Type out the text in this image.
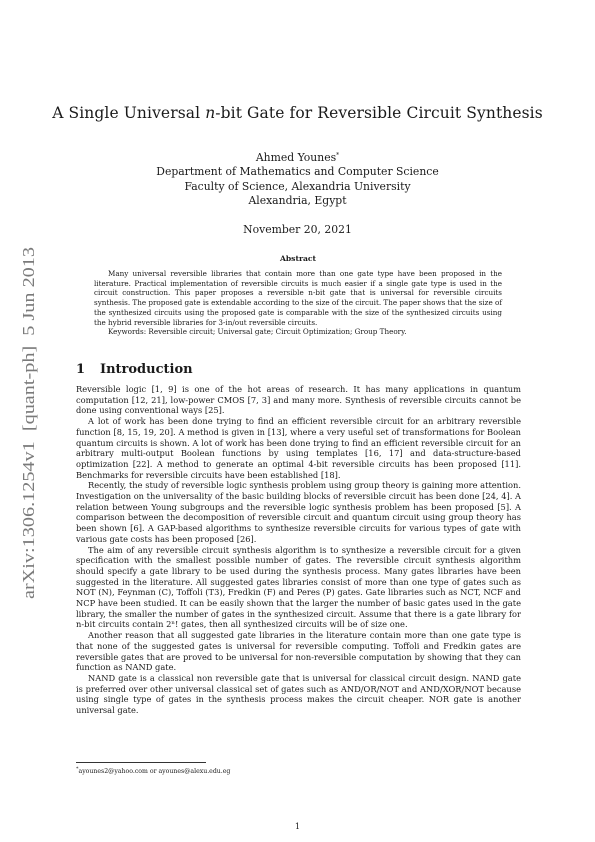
arXiv:1306.1254v1  [quant-ph]  5 Jun 2013
A Single Universal n-bit Gate for Reversible Circuit Synthesis
Ahmed Younes*
Department of Mathematics and Computer Science
Faculty of Science, Alexandria University
Alexandria, Egypt
November 20, 2021
Abstract

Many universal reversible libraries that contain more than one gate type have been proposed in the literature. Practical implementation of reversible circuits is much easier if a single gate type is used in the circuit construction. This paper proposes a reversible n-bit gate that is universal for reversible circuits synthesis. The proposed gate is extendable according to the size of the circuit. The paper shows that the size of the synthesized circuits using the proposed gate is comparable with the size of the synthesized circuits using the hybrid reversible libraries for 3-in/out reversible circuits.

Keywords: Reversible circuit; Universal gate; Circuit Optimization; Group Theory.

1 Introduction

Reversible logic [1, 9] is one of the hot areas of research. It has many applications in quantum computation [12, 21], low-power CMOS [7, 3] and many more. Synthesis of reversible circuits cannot be done using conventional ways [25].

A lot of work has been done trying to find an efficient reversible circuit for an arbitrary reversible function [8, 15, 19, 20]. A method is given in [13], where a very useful set of transformations for Boolean quantum circuits is shown. A lot of work has been done trying to find an efficient reversible circuit for an arbitrary multi-output Boolean functions by using templates [16, 17] and data-structure-based optimization [22]. A method to generate an optimal 4-bit reversible circuits has been proposed [11]. Benchmarks for reversible circuits have been established [18].

Recently, the study of reversible logic synthesis problem using group theory is gaining more attention. Investigation on the universality of the basic building blocks of reversible circuit has been done [24, 4]. A relation between Young subgroups and the reversible logic synthesis problem has been proposed [5]. A comparison between the decomposition of reversible circuit and quantum circuit using group theory has been shown [6]. A GAP-based algorithms to synthesize reversible circuits for various types of gate with various gate costs has been proposed [26].

The aim of any reversible circuit synthesis algorithm is to synthesize a reversible circuit for a given specification with the smallest possible number of gates. The reversible circuit synthesis algorithm should specify a gate library to be used during the synthesis process. Many gates libraries have been suggested in the literature. All suggested gates libraries consist of more than one type of gates such as NOT (N), Feynman (C), Toffoli (T3), Fredkin (F) and Peres (P) gates. Gate libraries such as NCT, NCF and NCP have been studied. It can be easily shown that the larger the number of basic gates used in the gate library, the smaller the number of gates in the synthesized circuit. Assume that there is a gate library for n-bit circuits contain 2ⁿ! gates, then all synthesized circuits will be of size one.

Another reason that all suggested gate libraries in the literature contain more than one gate type is that none of the suggested gates is universal for reversible computing. Toffoli and Fredkin gates are reversible gates that are proved to be universal for non-reversible computation by showing that they can function as NAND gate.

NAND gate is a classical non reversible gate that is universal for classical circuit design. NAND gate is preferred over other universal classical set of gates such as AND/OR/NOT and AND/XOR/NOT because using single type of gates in the synthesis process makes the circuit cheaper. NOR gate is another universal gate.

*ayounes2@yahoo.com or ayounes@alexu.edu.eg
1
